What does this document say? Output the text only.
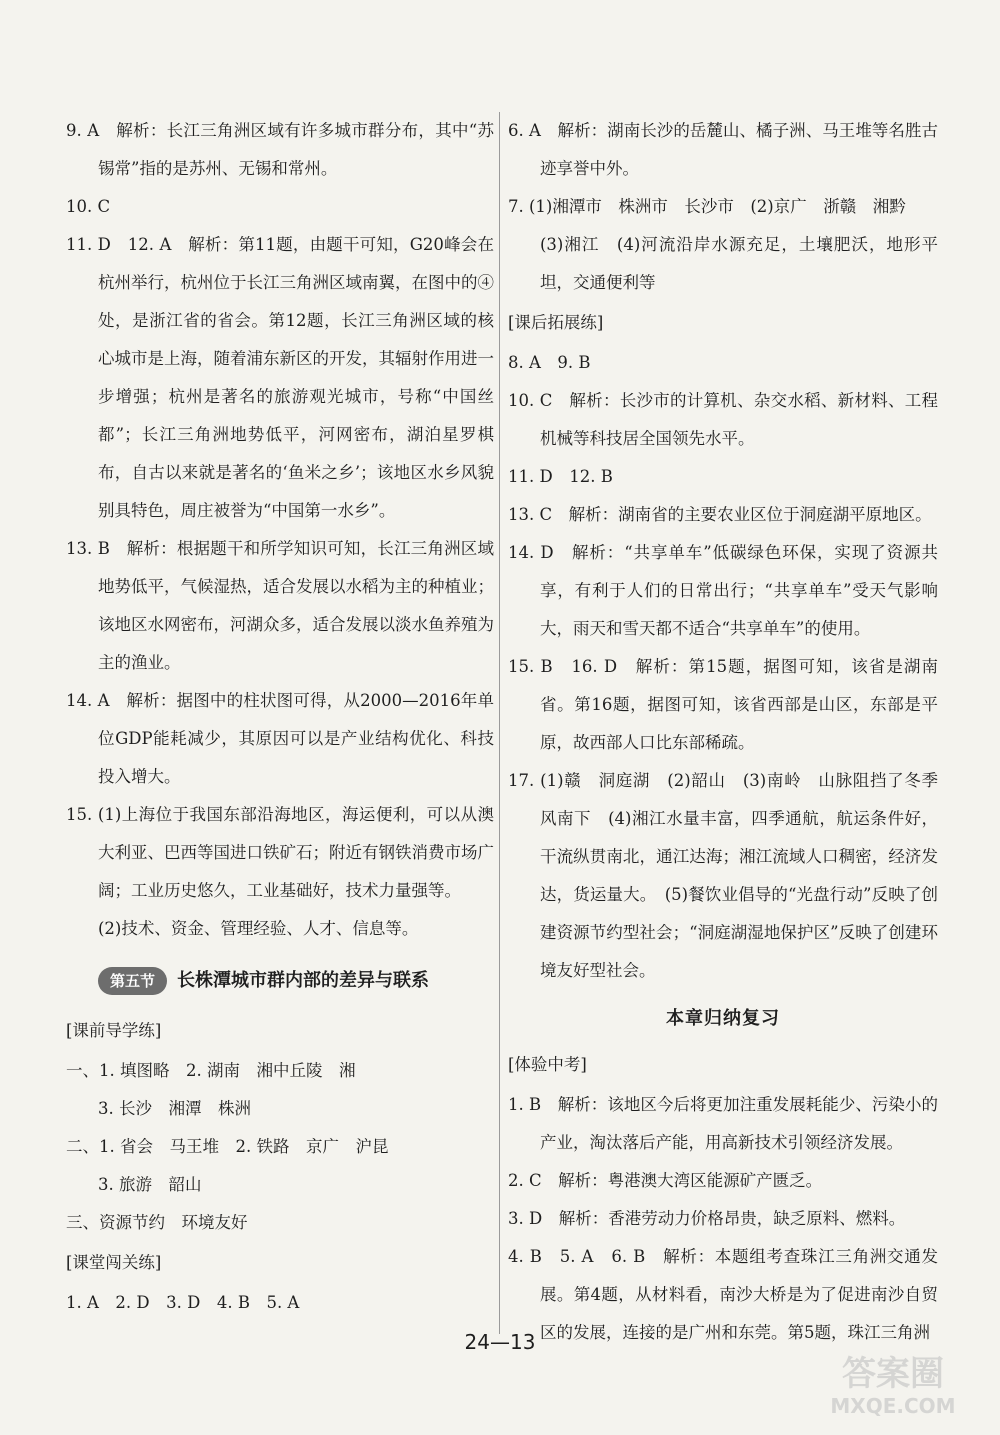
9. A　解析：长江三角洲区域有许多城市群分布，其中“苏锡常”指的是苏州、无锡和常州。

10. C

11. D　12. A　解析：第11题，由题干可知，G20峰会在杭州举行，杭州位于长江三角洲区域南翼，在图中的④处，是浙江省的省会。第12题，长江三角洲区域的核心城市是上海，随着浦东新区的开发，其辐射作用进一步增强；杭州是著名的旅游观光城市，号称“中国丝都”；长江三角洲地势低平，河网密布，湖泊星罗棋布，自古以来就是著名的‘鱼米之乡’；该地区水乡风貌别具特色，周庄被誉为“中国第一水乡”。

13. B　解析：根据题干和所学知识可知，长江三角洲区域地势低平，气候湿热，适合发展以水稻为主的种植业；该地区水网密布，河湖众多，适合发展以淡水鱼养殖为主的渔业。

14. A　解析：据图中的柱状图可得，从2000—2016年单位GDP能耗减少，其原因可以是产业结构优化、科技投入增大。

15. (1)上海位于我国东部沿海地区，海运便利，可以从澳大利亚、巴西等国进口铁矿石；附近有钢铁消费市场广阔；工业历史悠久，工业基础好，技术力量强等。

(2)技术、资金、管理经验、人才、信息等。

第五节	长株潭城市群内部的差异与联系

[课前导学练]

一、1. 填图略　2. 湖南　湘中丘陵　湘

3. 长沙　湘潭　株洲

二、1. 省会　马王堆　2. 铁路　京广　沪昆

3. 旅游　韶山

三、资源节约　环境友好

[课堂闯关练]

1. A　2. D　3. D　4. B　5. A

6. A　解析：湖南长沙的岳麓山、橘子洲、马王堆等名胜古迹享誉中外。

7. (1)湘潭市　株洲市　长沙市　(2)京广　浙赣　湘黔

(3)湘江　(4)河流沿岸水源充足，土壤肥沃，地形平坦，交通便利等

[课后拓展练]

8. A　9. B

10. C　解析：长沙市的计算机、杂交水稻、新材料、工程机械等科技居全国领先水平。

11. D　12. B

13. C　解析：湖南省的主要农业区位于洞庭湖平原地区。

14. D　解析：“共享单车”低碳绿色环保，实现了资源共享，有利于人们的日常出行；“共享单车”受天气影响大，雨天和雪天都不适合“共享单车”的使用。

15. B　16. D　解析：第15题，据图可知，该省是湖南省。第16题，据图可知，该省西部是山区，东部是平原，故西部人口比东部稀疏。

17. (1)赣　洞庭湖　(2)韶山　(3)南岭　山脉阻挡了冬季风南下　(4)湘江水量丰富，四季通航，航运条件好，干流纵贯南北，通江达海；湘江流域人口稠密，经济发达，货运量大。　(5)餐饮业倡导的“光盘行动”反映了创建资源节约型社会；“洞庭湖湿地保护区”反映了创建环境友好型社会。

本章归纳复习

[体验中考]

1. B　解析：该地区今后将更加注重发展耗能少、污染小的产业，淘汰落后产能，用高新技术引领经济发展。

2. C　解析：粤港澳大湾区能源矿产匮乏。

3. D　解析：香港劳动力价格昂贵，缺乏原料、燃料。

4. B　5. A　6. B　解析：本题组考查珠江三角洲交通发展。第4题，从材料看，南沙大桥是为了促进南沙自贸区的发展，连接的是广州和东莞。第5题，珠江三角洲

24—13
答案圈
MXQE.COM
